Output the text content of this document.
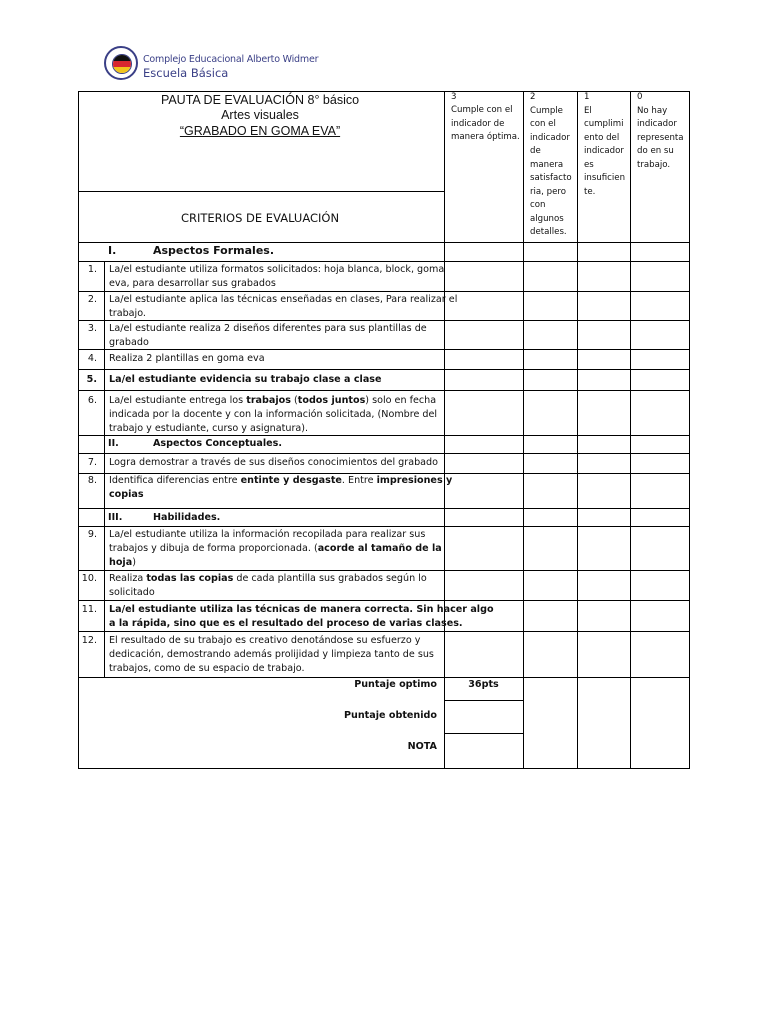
Complejo Educacional Alberto Widmer
Escuela Básica
PAUTA DE EVALUACIÓN 8° básico
Artes visuales
“GRABADO EN GOMA EVA”
CRITERIOS DE EVALUACIÓN
3
Cumple con el
indicador de
manera óptima.
2
Cumple
con el
indicador
de
manera
satisfacto
ria, pero
con
algunos
detalles.
1
El
cumplimi
ento del
indicador
es
insuficien
te.
0
No hay
indicador
representa
do en su
trabajo.
I.	Aspectos Formales.
1. La/el estudiante utiliza formatos solicitados: hoja blanca, block, goma
eva, para desarrollar sus grabados
2. La/el estudiante aplica las técnicas enseñadas en clases, Para realizar el
trabajo.
3. La/el estudiante realiza 2 diseños diferentes para sus plantillas de
grabado
4. Realiza 2 plantillas en goma eva
5. La/el estudiante evidencia su trabajo clase a clase
6. La/el estudiante entrega los trabajos (todos juntos) solo en fecha
indicada por la docente y con la información solicitada, (Nombre del
trabajo y estudiante, curso y asignatura).
II.	Aspectos Conceptuales.
7. Logra demostrar a través de sus diseños conocimientos del grabado
8. Identifica diferencias entre entinte y desgaste. Entre impresiones y
copias
III.	Habilidades.
9. La/el estudiante utiliza la información recopilada para realizar sus
trabajos y dibuja de forma proporcionada. (acorde al tamaño de la
hoja)
10. Realiza todas las copias de cada plantilla sus grabados según lo
solicitado
11. La/el estudiante utiliza las técnicas de manera correcta. Sin hacer algo
a la rápida, sino que es el resultado del proceso de varias clases.
12. El resultado de su trabajo es creativo denotándose su esfuerzo y
dedicación, demostrando además prolijidad y limpieza tanto de sus
trabajos, como de su espacio de trabajo.
Puntaje optimo	36pts
Puntaje obtenido
NOTA
